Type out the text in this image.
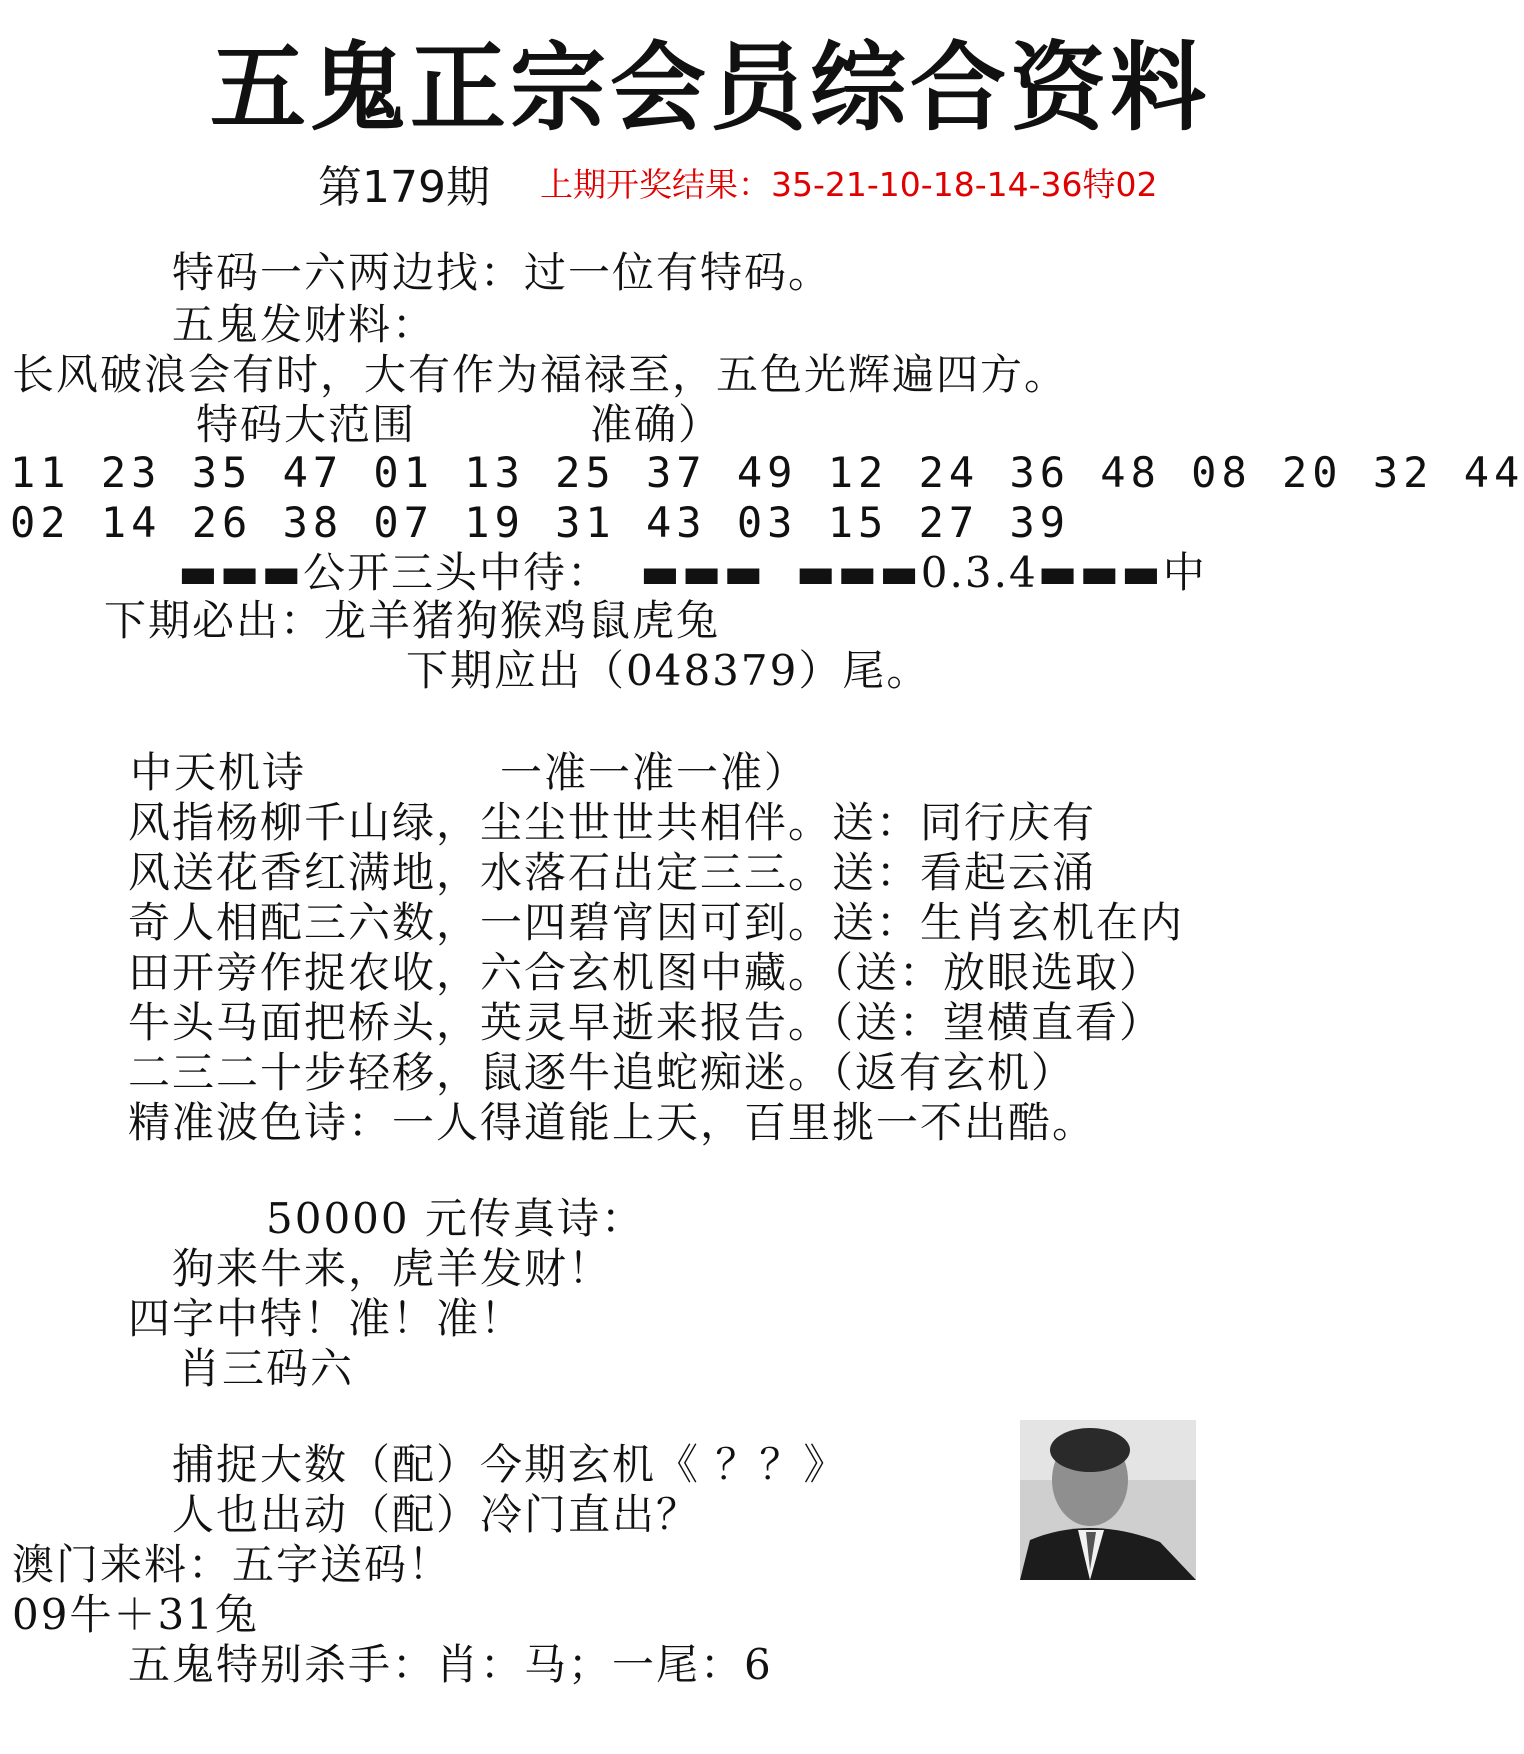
五鬼正宗会员综合资料
第179期 上期开奖结果：35-21-10-18-14-36特02
特码一六两边找：过一位有特码。
五鬼发财料：
长风破浪会有时，大有作为福禄至，五色光辉遍四方。
特码大范围	准确）
11 23 35 47 01 13 25 37 49 12 24 36 48 08 20 32 44
02 14 26 38 07 19 31 43 03 15 27 39
▬▬▬公开三头中待： ▬▬▬  ▬▬▬0.3.4▬▬▬中
下期必出：龙羊猪狗猴鸡鼠虎兔
下期应出（048379）尾。
中天机诗	一准一准一准）
风指杨柳千山绿，尘尘世世共相伴。送：同行庆有
风送花香红满地，水落石出定三三。送：看起云涌
奇人相配三六数，一四碧宵因可到。送：生肖玄机在内
田开旁作捉农收，六合玄机图中藏。（送：放眼选取）
牛头马面把桥头，英灵早逝来报告。（送：望横直看）
二三二十步轻移，鼠逐牛追蛇痴迷。（返有玄机）
精准波色诗：一人得道能上天，百里挑一不出酷。
50000 元传真诗：
狗来牛来，虎羊发财！
四字中特！准！准！
肖三码六
捕捉大数（配）今期玄机《 ？？》
人也出动（配）冷门直出？
澳门来料：五字送码！
09牛＋31兔
五鬼特别杀手：肖：马；一尾：6
